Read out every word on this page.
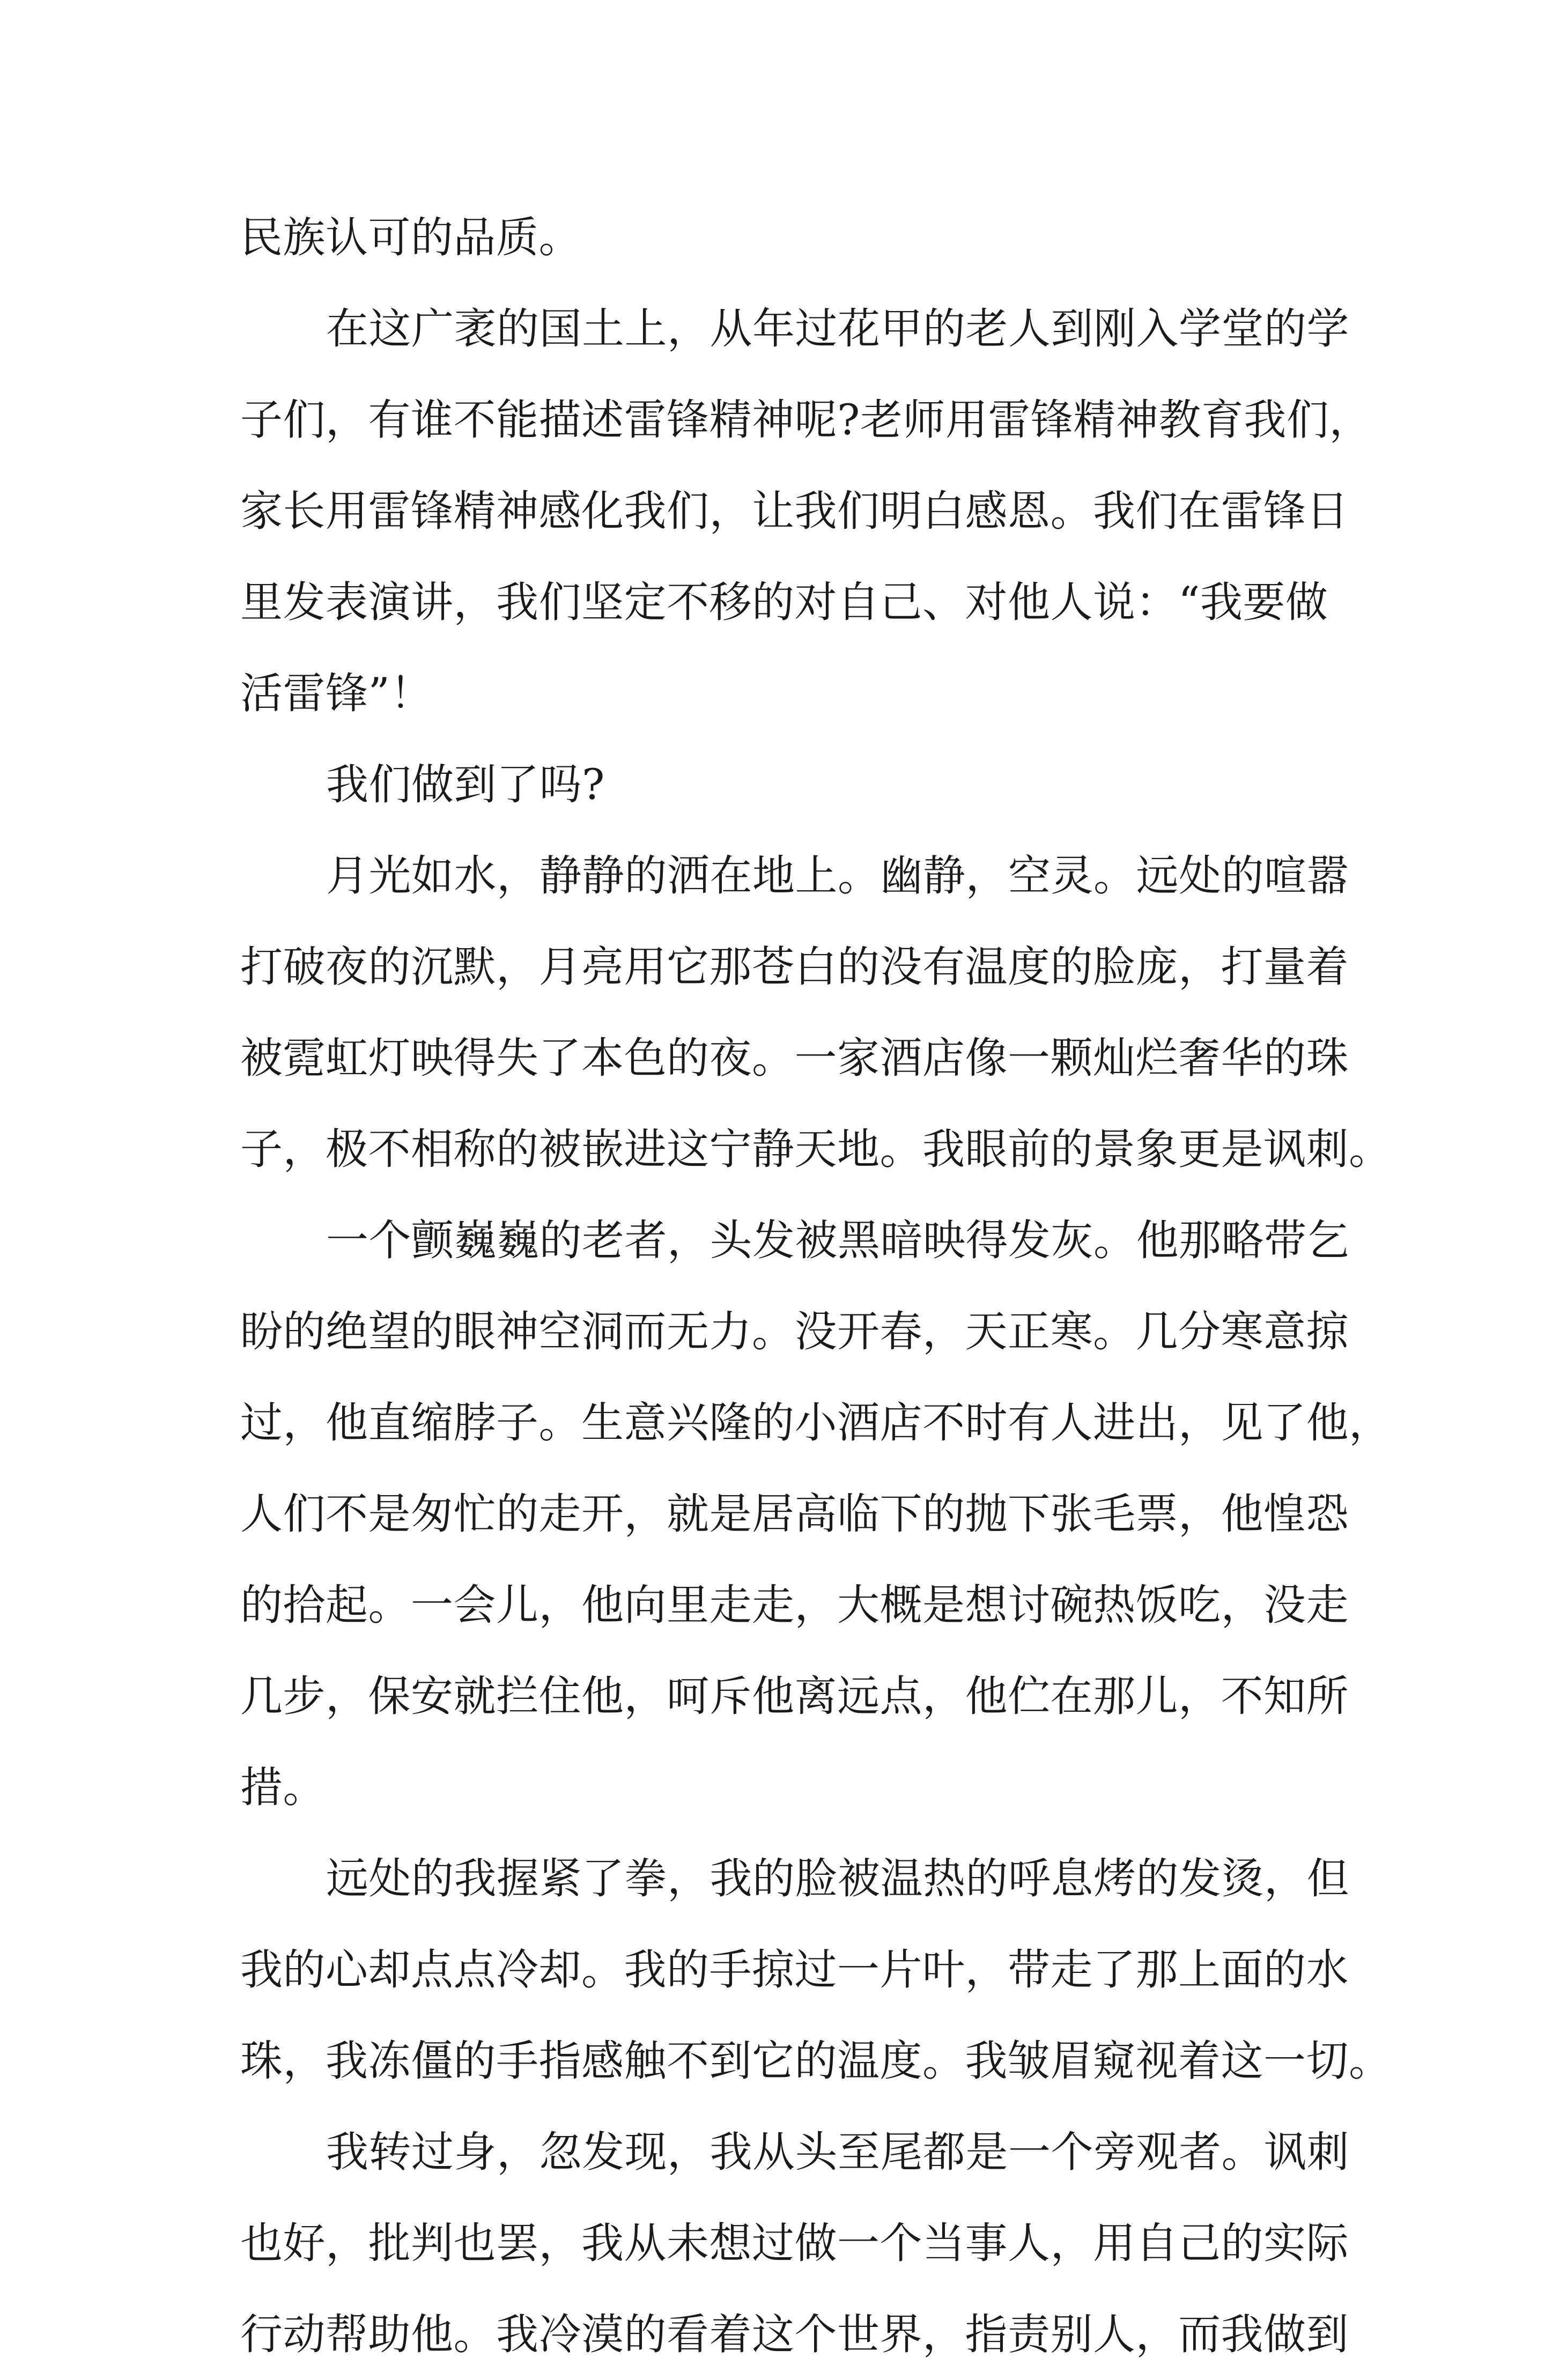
民族认可的品质。
在这广袤的国土上，从年过花甲的老人到刚入学堂的学
子们，有谁不能描述雷锋精神呢?老师用雷锋精神教育我们，
家长用雷锋精神感化我们，让我们明白感恩。我们在雷锋日
里发表演讲，我们坚定不移的对自己、对他人说：“我要做
活雷锋”！
我们做到了吗?
月光如水，静静的洒在地上。幽静，空灵。远处的喧嚣
打破夜的沉默，月亮用它那苍白的没有温度的脸庞，打量着
被霓虹灯映得失了本色的夜。一家酒店像一颗灿烂奢华的珠
子，极不相称的被嵌进这宁静天地。我眼前的景象更是讽刺。
一个颤巍巍的老者，头发被黑暗映得发灰。他那略带乞
盼的绝望的眼神空洞而无力。没开春，天正寒。几分寒意掠
过，他直缩脖子。生意兴隆的小酒店不时有人进出，见了他，
人们不是匆忙的走开，就是居高临下的抛下张毛票，他惶恐
的拾起。一会儿，他向里走走，大概是想讨碗热饭吃，没走
几步，保安就拦住他，呵斥他离远点，他伫在那儿，不知所
措。
远处的我握紧了拳，我的脸被温热的呼息烤的发烫，但
我的心却点点冷却。我的手掠过一片叶，带走了那上面的水
珠，我冻僵的手指感触不到它的温度。我皱眉窥视着这一切。
我转过身，忽发现，我从头至尾都是一个旁观者。讽刺
也好，批判也罢，我从未想过做一个当事人，用自己的实际
行动帮助他。我冷漠的看着这个世界，指责别人，而我做到
